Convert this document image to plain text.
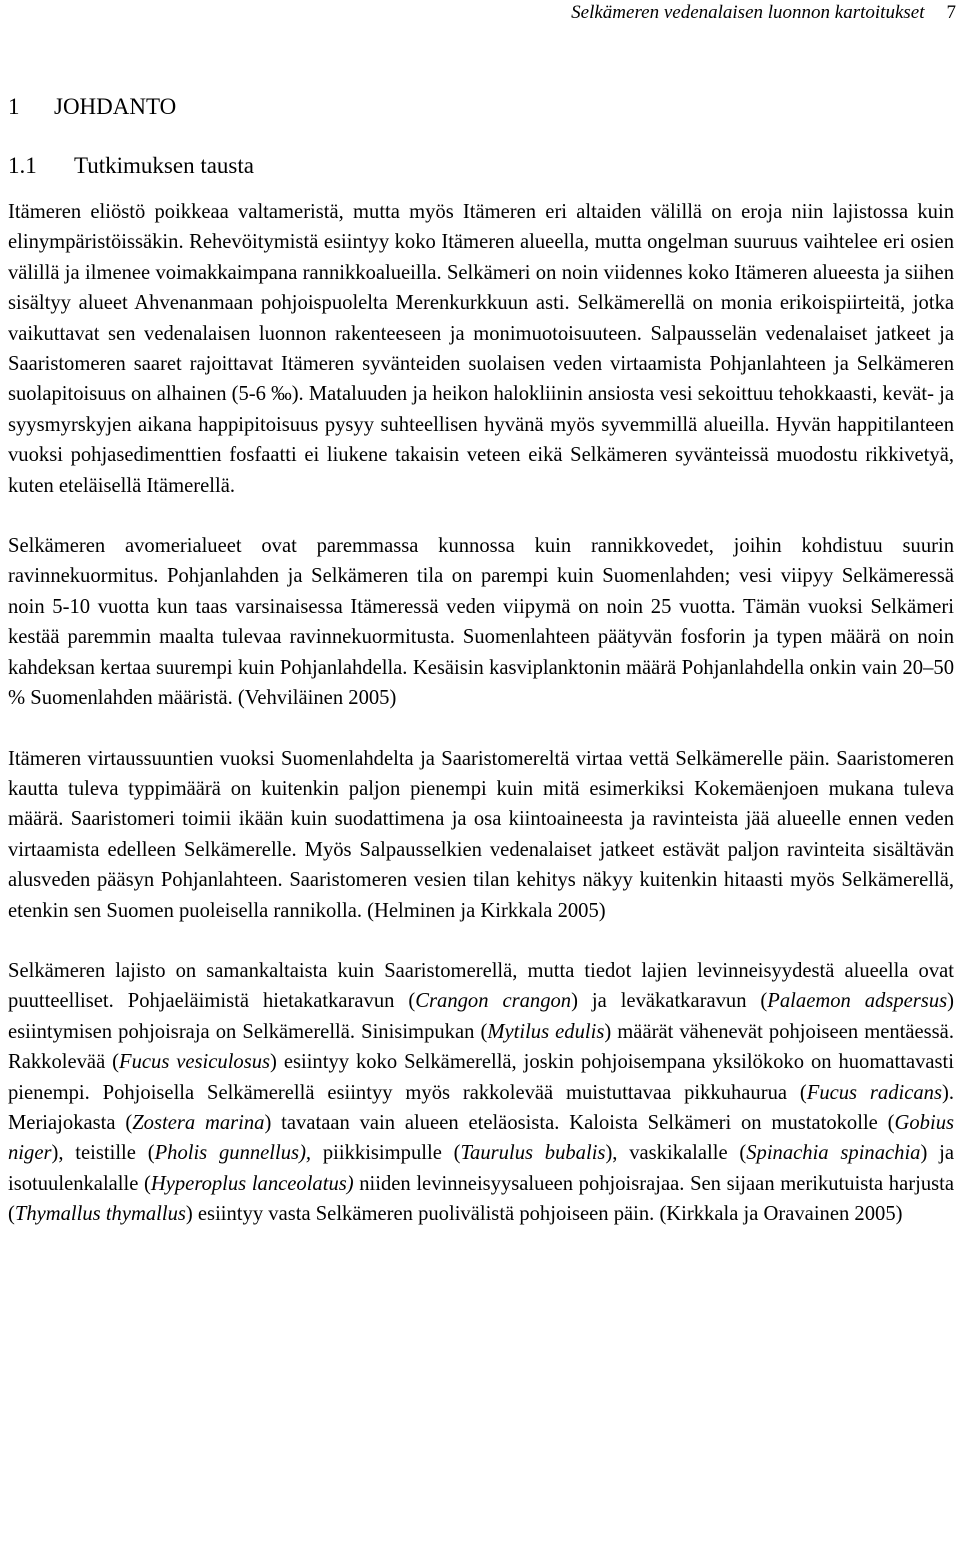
Selkämeren vedenalaisen luonnon kartoitukset 7
1 JOHDANTO
1.1 Tutkimuksen tausta

Itämeren eliöstö poikkeaa valtameristä, mutta myös Itämeren eri altaiden välillä on eroja niin lajistossa kuin elinympäristöissäkin. Rehevöitymistä esiintyy koko Itämeren alueella, mutta ongelman suuruus vaihtelee eri osien välillä ja ilmenee voimakkaimpana rannikkoalueilla. Selkämeri on noin viidennes koko Itämeren alueesta ja siihen sisältyy alueet Ahvenanmaan pohjoispuolelta Merenkurkkuun asti. Selkämerellä on monia erikoispiirteitä, jotka vaikuttavat sen vedenalaisen luonnon rakenteeseen ja monimuotoisuuteen. Salpausselän vedenalaiset jatkeet ja Saaristomeren saaret rajoittavat Itämeren syvänteiden suolaisen veden virtaamista Pohjanlahteen ja Selkämeren suolapitoisuus on alhainen (5-6 ‰). Mataluuden ja heikon halokliinin ansiosta vesi sekoittuu tehokkaasti, kevät- ja syysmyrskyjen aikana happipitoisuus pysyy suhteellisen hyvänä myös syvemmillä alueilla. Hyvän happitilanteen vuoksi pohjasedimenttien fosfaatti ei liukene takaisin veteen eikä Selkämeren syvänteissä muodostu rikkivetyä, kuten eteläisellä Itämerellä.

Selkämeren avomerialueet ovat paremmassa kunnossa kuin rannikkovedet, joihin kohdistuu suurin ravinnekuormitus. Pohjanlahden ja Selkämeren tila on parempi kuin Suomenlahden; vesi viipyy Selkämeressä noin 5-10 vuotta kun taas varsinaisessa Itämeressä veden viipymä on noin 25 vuotta. Tämän vuoksi Selkämeri kestää paremmin maalta tulevaa ravinnekuormitusta. Suomenlahteen päätyvän fosforin ja typen määrä on noin kahdeksan kertaa suurempi kuin Pohjanlahdella. Kesäisin kasviplanktonin määrä Pohjanlahdella onkin vain 20–50 % Suomenlahden määristä. (Vehviläinen 2005)

Itämeren virtaussuuntien vuoksi Suomenlahdelta ja Saaristomereltä virtaa vettä Selkämerelle päin. Saaristomeren kautta tuleva typpimäärä on kuitenkin paljon pienempi kuin mitä esimerkiksi Kokemäenjoen mukana tuleva määrä. Saaristomeri toimii ikään kuin suodattimena ja osa kiintoaineesta ja ravinteista jää alueelle ennen veden virtaamista edelleen Selkämerelle. Myös Salpausselkien vedenalaiset jatkeet estävät paljon ravinteita sisältävän alusveden pääsyn Pohjanlahteen. Saaristomeren vesien tilan kehitys näkyy kuitenkin hitaasti myös Selkämerellä, etenkin sen Suomen puoleisella rannikolla. (Helminen ja Kirkkala 2005)

Selkämeren lajisto on samankaltaista kuin Saaristomerellä, mutta tiedot lajien levinneisyydestä alueella ovat puutteelliset. Pohjaeläimistä hietakatkaravun (Crangon crangon) ja leväkatkaravun (Palaemon adspersus) esiintymisen pohjoisraja on Selkämerellä. Sinisimpukan (Mytilus edulis) määrät vähenevät pohjoiseen mentäessä. Rakkolevää (Fucus vesiculosus) esiintyy koko Selkämerellä, joskin pohjoisempana yksilökoko on huomattavasti pienempi. Pohjoisella Selkämerellä esiintyy myös rakkolevää muistuttavaa pikkuhaurua (Fucus radicans). Meriajokasta (Zostera marina) tavataan vain alueen eteläosista. Kaloista Selkämeri on mustatokolle (Gobius niger), teistille (Pholis gunnellus), piikkisimpulle (Taurulus bubalis), vaskikalalle (Spinachia spinachia) ja isotuulenkalalle (Hyperoplus lanceolatus) niiden levinneisyysalueen pohjoisrajaa. Sen sijaan merikutuista harjusta (Thymallus thymallus) esiintyy vasta Selkämeren puolivälistä pohjoiseen päin. (Kirkkala ja Oravainen 2005)
